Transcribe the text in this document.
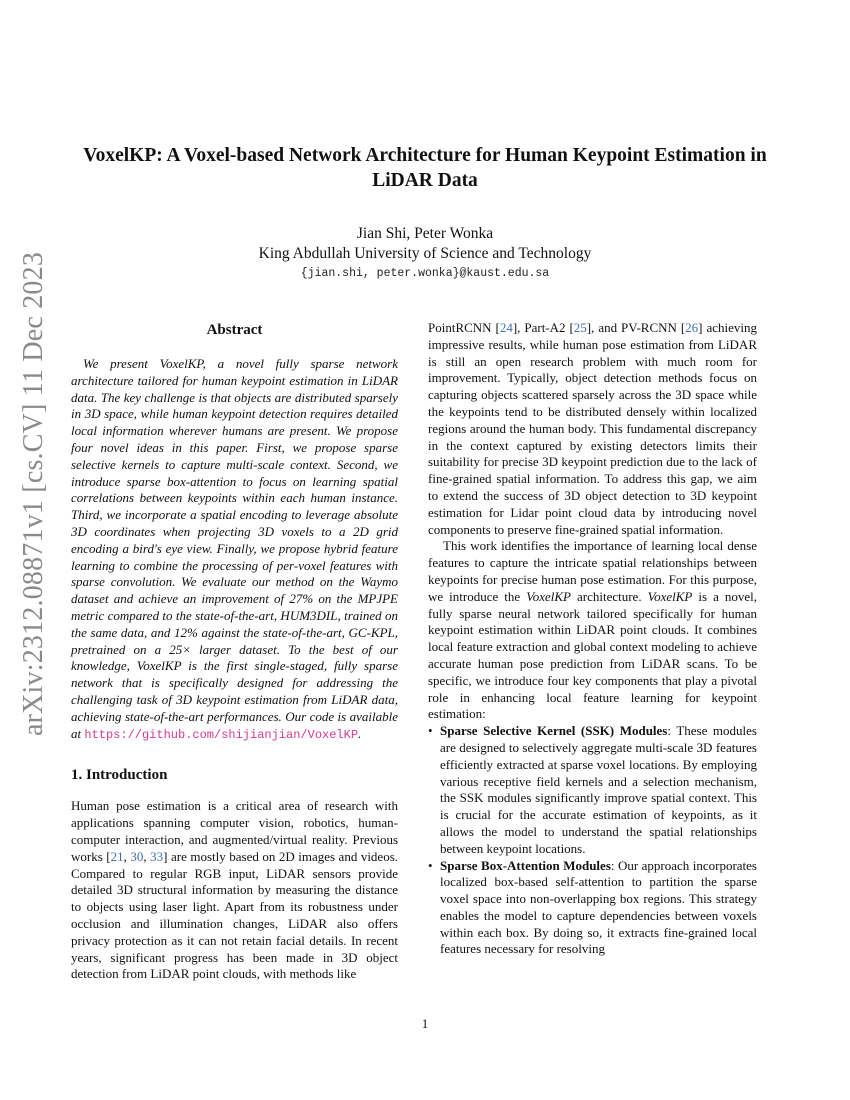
arXiv:2312.08871v1 [cs.CV] 11 Dec 2023
VoxelKP: A Voxel-based Network Architecture for Human Keypoint Estimation in LiDAR Data
Jian Shi, Peter Wonka
King Abdullah University of Science and Technology
{jian.shi, peter.wonka}@kaust.edu.sa
Abstract

We present VoxelKP, a novel fully sparse network architecture tailored for human keypoint estimation in LiDAR data. The key challenge is that objects are distributed sparsely in 3D space, while human keypoint detection requires detailed local information wherever humans are present. We propose four novel ideas in this paper. First, we propose sparse selective kernels to capture multi-scale context. Second, we introduce sparse box-attention to focus on learning spatial correlations between keypoints within each human instance. Third, we incorporate a spatial encoding to leverage absolute 3D coordinates when projecting 3D voxels to a 2D grid encoding a bird's eye view. Finally, we propose hybrid feature learning to combine the processing of per-voxel features with sparse convolution. We evaluate our method on the Waymo dataset and achieve an improvement of 27% on the MPJPE metric compared to the state-of-the-art, HUM3DIL, trained on the same data, and 12% against the state-of-the-art, GC-KPL, pretrained on a 25× larger dataset. To the best of our knowledge, VoxelKP is the first single-staged, fully sparse network that is specifically designed for addressing the challenging task of 3D keypoint estimation from LiDAR data, achieving state-of-the-art performances. Our code is available at https://github.com/shijianjian/VoxelKP.

1. Introduction

Human pose estimation is a critical area of research with applications spanning computer vision, robotics, human-computer interaction, and augmented/virtual reality. Previous works [21, 30, 33] are mostly based on 2D images and videos. Compared to regular RGB input, LiDAR sensors provide detailed 3D structural information by measuring the distance to objects using laser light. Apart from its robustness under occlusion and illumination changes, LiDAR also offers privacy protection as it can not retain facial details. In recent years, significant progress has been made in 3D object detection from LiDAR point clouds, with methods like

PointRCNN [24], Part-A2 [25], and PV-RCNN [26] achieving impressive results, while human pose estimation from LiDAR is still an open research problem with much room for improvement. Typically, object detection methods focus on capturing objects scattered sparsely across the 3D space while the keypoints tend to be distributed densely within localized regions around the human body. This fundamental discrepancy in the context captured by existing detectors limits their suitability for precise 3D keypoint prediction due to the lack of fine-grained spatial information. To address this gap, we aim to extend the success of 3D object detection to 3D keypoint estimation for Lidar point cloud data by introducing novel components to preserve fine-grained spatial information.

This work identifies the importance of learning local dense features to capture the intricate spatial relationships between keypoints for precise human pose estimation. For this purpose, we introduce the VoxelKP architecture. VoxelKP is a novel, fully sparse neural network tailored specifically for human keypoint estimation within LiDAR point clouds. It combines local feature extraction and global context modeling to achieve accurate human pose prediction from LiDAR scans. To be specific, we introduce four key components that play a pivotal role in enhancing local feature learning for keypoint estimation:

• Sparse Selective Kernel (SSK) Modules: These modules are designed to selectively aggregate multi-scale 3D features efficiently extracted at sparse voxel locations. By employing various receptive field kernels and a selection mechanism, the SSK modules significantly improve spatial context. This is crucial for the accurate estimation of keypoints, as it allows the model to understand the spatial relationships between keypoint locations.
• Sparse Box-Attention Modules: Our approach incorporates localized box-based self-attention to partition the sparse voxel space into non-overlapping box regions. This strategy enables the model to capture dependencies between voxels within each box. By doing so, it extracts fine-grained local features necessary for resolving
1
